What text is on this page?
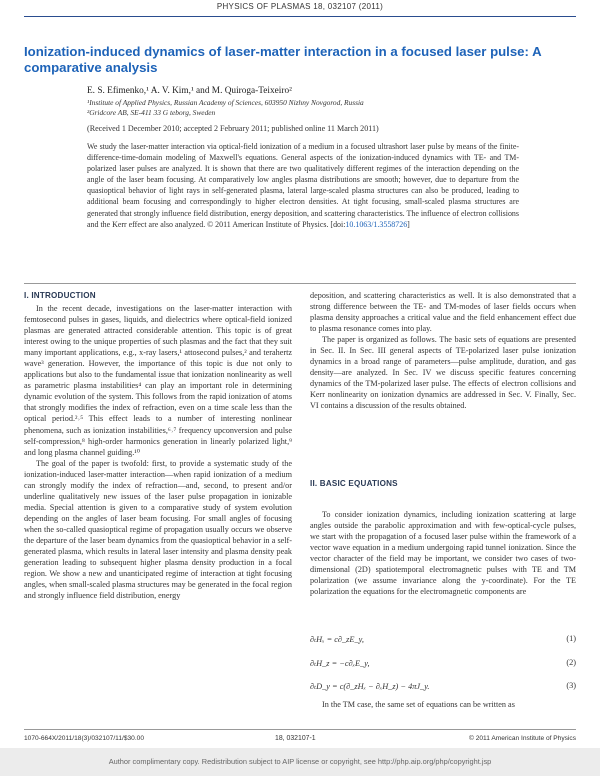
PHYSICS OF PLASMAS 18, 032107 (2011)
Ionization-induced dynamics of laser-matter interaction in a focused laser pulse: A comparative analysis
E. S. Efimenko,¹ A. V. Kim,¹ and M. Quiroga-Teixeiro²
¹Institute of Applied Physics, Russian Academy of Sciences, 603950 Nizhny Novgorod, Russia
²Gridcore AB, SE-411 33 G teborg, Sweden
(Received 1 December 2010; accepted 2 February 2011; published online 11 March 2011)
We study the laser-matter interaction via optical-field ionization of a medium in a focused ultrashort laser pulse by means of the finite-difference-time-domain modeling of Maxwell's equations. General aspects of the ionization-induced dynamics with TE- and TM-polarized laser pulses are analyzed. It is shown that there are two qualitatively different regimes of the interaction depending on the angle of the laser beam focusing. At comparatively low angles plasma distributions are smooth; however, due to departure from the quasioptical behavior of light rays in self-generated plasma, lateral large-scaled plasma structures can also be produced, leading to additional beam focusing and correspondingly to higher electron densities. At tight focusing, small-scaled plasma structures are generated that strongly influence field distribution, energy deposition, and scattering characteristics. The influence of electron collisions and the Kerr effect are also analyzed. © 2011 American Institute of Physics. [doi:10.1063/1.3558726]
I. INTRODUCTION

In the recent decade, investigations on the laser-matter interaction with femtosecond pulses in gases, liquids, and dielectrics where optical-field ionized plasmas are generated attracted considerable attention. This topic is of great interest owing to the unique properties of such plasmas and the fact that they suit many important applications, e.g., x-ray lasers,¹ attosecond pulses,² and terahertz wave³ generation. However, the importance of this topic is due not only to applications but also to the fundamental issue that ionization nonlinearity as well as parametric plasma instabilities⁴ can play an important role in determining dynamic evolution of the system. This follows from the rapid ionization of atoms that strongly modifies the index of refraction, even on a time scale less than the optical period.²˒⁵ This effect leads to a number of interesting nonlinear phenomena, such as ionization instabilities,⁶˒⁷ frequency upconversion and pulse self-compression,⁸ high-order harmonics generation in linearly polarized light,⁹ and long plasma channel guiding.¹⁰

The goal of the paper is twofold: first, to provide a systematic study of the ionization-induced laser-matter interaction—when rapid ionization of a medium can strongly modify the index of refraction—and, second, to present and/or underline qualitatively new issues of the laser pulse propagation in ionizable media. Special attention is given to a comparative study of system evolution depending on the angles of laser beam focusing. For small angles of focusing when the so-called quasioptical regime of propagation usually occurs we observe the departure of the laser beam dynamics from the quasioptical behavior in a self-generated plasma, which results in lateral laser intensity and plasma density peak generation leading to subsequent higher plasma density production in a focal region. We show a new and unanticipated regime of interaction at tight focusing angles, when small-scaled plasma structures may be generated in the focal region and strongly influence field distribution, energy

deposition, and scattering characteristics as well. It is also demonstrated that a strong difference between the TE- and TM-modes of laser fields occurs when plasma density approaches a critical value and the field enhancement effect due to plasma resonance comes into play.

The paper is organized as follows. The basic sets of equations are presented in Sec. II. In Sec. III general aspects of TE-polarized laser pulse ionization dynamics in a broad range of parameters—pulse amplitude, duration, and gas density—are analyzed. In Sec. IV we discuss specific features concerning dynamics of the TM-polarized laser pulse. The effects of electron collisions and Kerr nonlinearity on ionization dynamics are addressed in Sec. V. Finally, Sec. VI contains a discussion of the results obtained.

II. BASIC EQUATIONS

To consider ionization dynamics, including ionization scattering at large angles outside the parabolic approximation and with few-optical-cycle pulses, we start with the propagation of a focused laser pulse within the framework of a vector wave equation in a medium undergoing rapid tunnel ionization. Since the vector character of the field may be important, we consider two cases of two-dimensional (2D) spatiotemporal electromagnetic pulses with TE and TM polarization (we assume invariance along the y-coordinate). For the TE polarization the equations for the electromagnetic components are

∂ₜHₓ = c∂_zE_y,	(1)
∂ₜH_z = −c∂ₓE_y,	(2)
∂ₜD_y = c(∂_zHₓ − ∂ₓH_z) − 4πJ_y.	(3)

In the TM case, the same set of equations can be written as

1070-664X/2011/18(3)/032107/11/$30.00	18, 032107-1	© 2011 American Institute of Physics
Author complimentary copy. Redistribution subject to AIP license or copyright, see http://php.aip.org/php/copyright.jsp
